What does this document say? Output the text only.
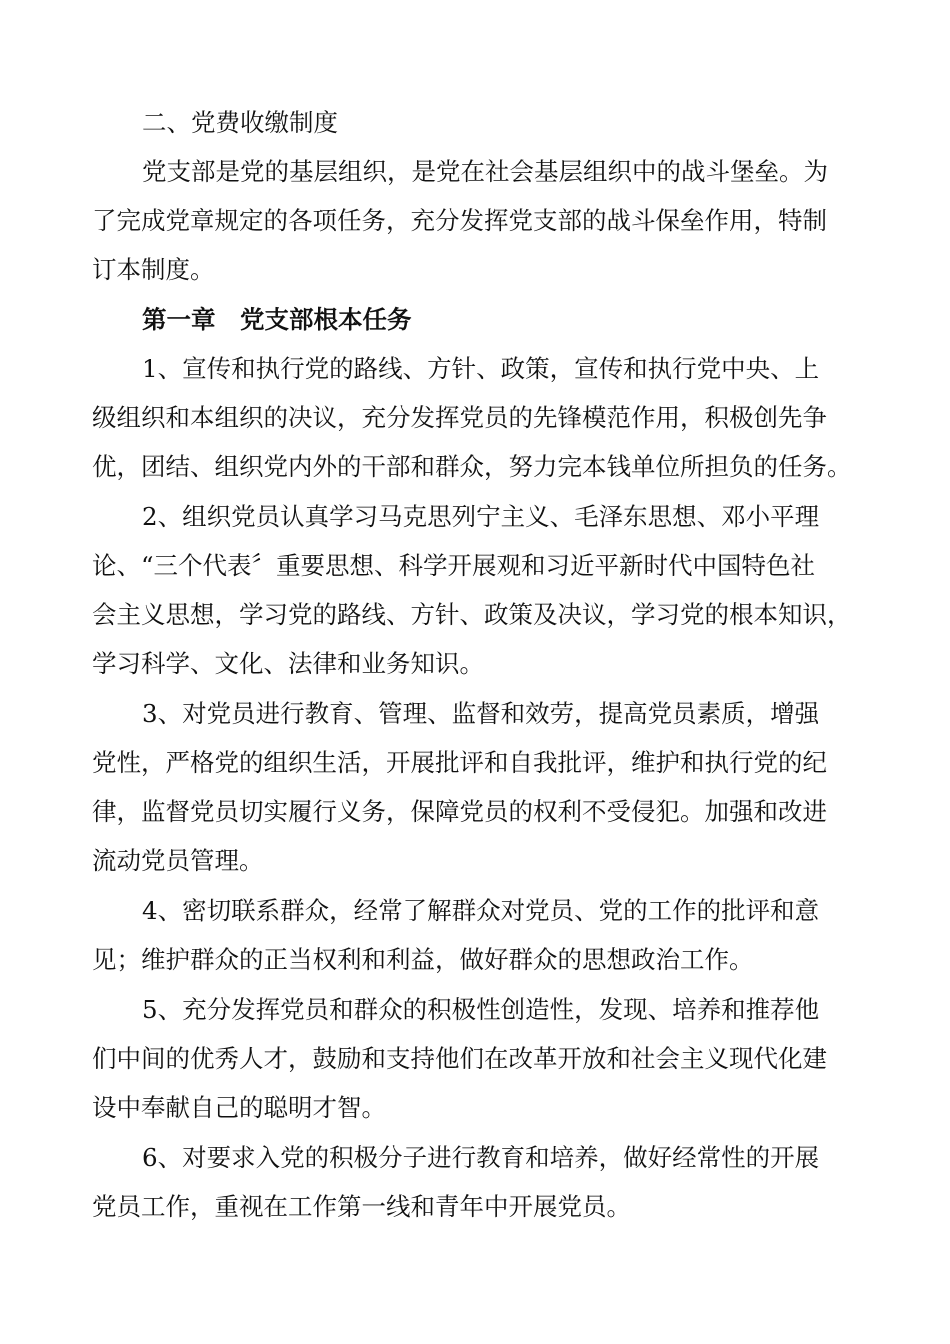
二、党费收缴制度

党支部是党的基层组织，是党在社会基层组织中的战斗堡垒。为

了完成党章规定的各项任务，充分发挥党支部的战斗保垒作用，特制

订本制度。

第一章　党支部根本任务

1、宣传和执行党的路线、方针、政策，宣传和执行党中央、上

级组织和本组织的决议，充分发挥党员的先锋模范作用，积极创先争

优，团结、组织党内外的干部和群众，努力完本钱单位所担负的任务。

2、组织党员认真学习马克思列宁主义、毛泽东思想、邓小平理

论、“三个代表〞重要思想、科学开展观和习近平新时代中国特色社

会主义思想，学习党的路线、方针、政策及决议，学习党的根本知识，

学习科学、文化、法律和业务知识。

3、对党员进行教育、管理、监督和效劳，提高党员素质，增强

党性，严格党的组织生活，开展批评和自我批评，维护和执行党的纪

律，监督党员切实履行义务，保障党员的权利不受侵犯。加强和改进

流动党员管理。

4、密切联系群众，经常了解群众对党员、党的工作的批评和意

见；维护群众的正当权利和利益，做好群众的思想政治工作。

5、充分发挥党员和群众的积极性创造性，发现、培养和推荐他

们中间的优秀人才，鼓励和支持他们在改革开放和社会主义现代化建

设中奉献自己的聪明才智。

6、对要求入党的积极分子进行教育和培养，做好经常性的开展

党员工作，重视在工作第一线和青年中开展党员。
